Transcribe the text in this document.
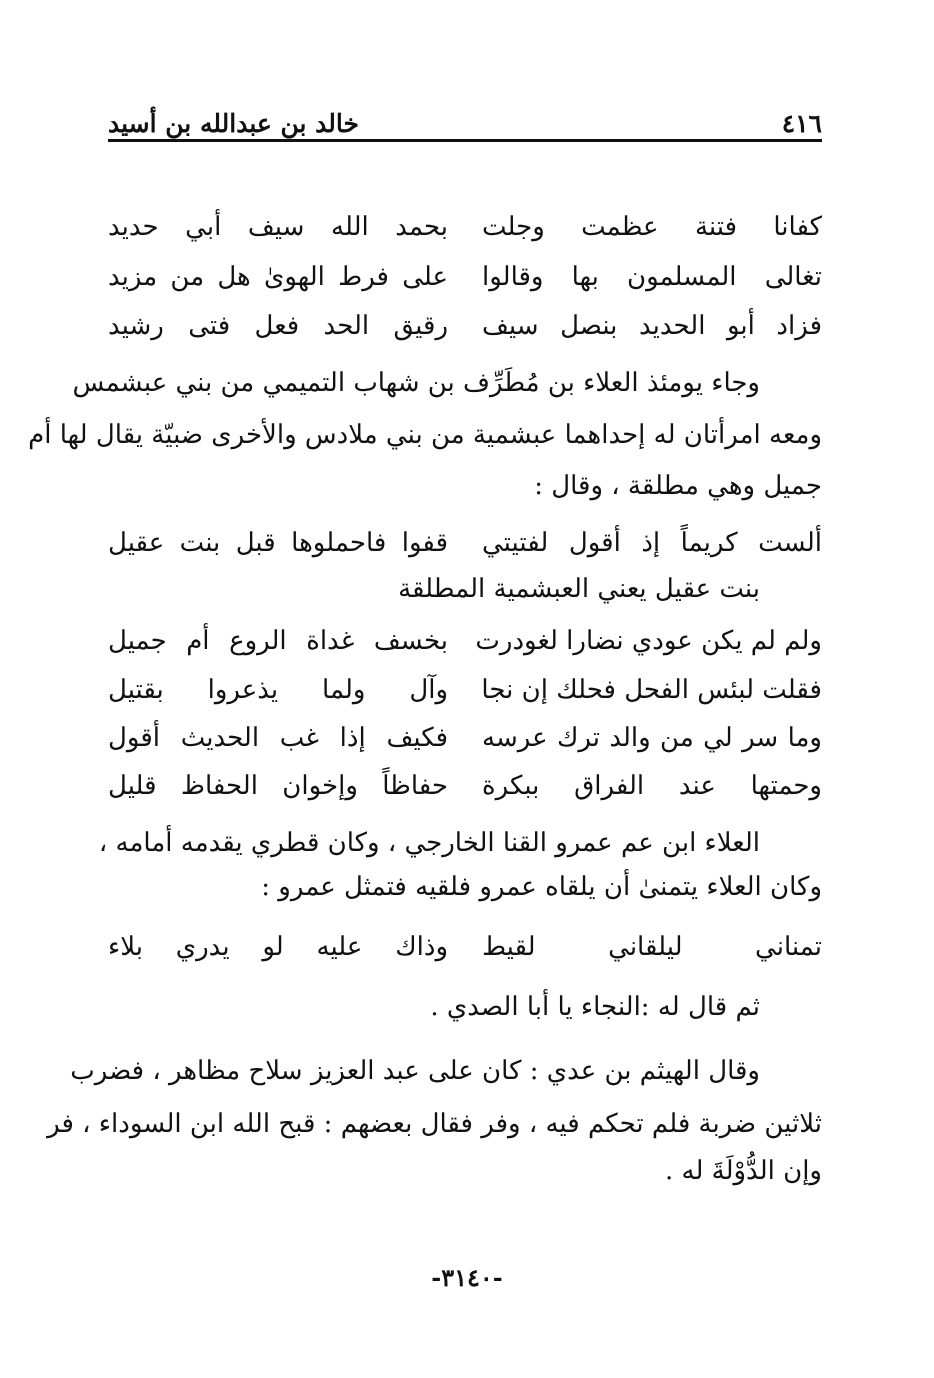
٤١٦
خالد بن عبدالله بن أسيد
كفانا فتنة عظمت وجلت
بحمد الله سيف أبي حديد
تغالى المسلمون بها وقالوا
على فرط الهوىٰ هل من مزيد
فزاد أبو الحديد بنصل سيف
رقيق الحد فعل فتى رشيد
وجاء يومئذ العلاء بن مُطَرِّف بن شهاب التميمي من بني عبشمس
ومعه امرأتان له إحداهما عبشمية من بني ملادس والأخرى ضبيّة يقال لها أم
جميل وهي مطلقة ، وقال :
ألست كريماً إذ أقول لفتيتي
قفوا فاحملوها قبل بنت عقيل
بنت عقيل يعني العبشمية المطلقة
ولم لم يكن عودي نضارا لغودرت
بخسف غداة الروع أم جميل
فقلت لبئس الفحل فحلك إن نجا
وآل ولما يذعروا بقتيل
وما سر لي من والد ترك عرسه
فكيف إذا غب الحديث أقول
وحمتها عند الفراق ببكرة
حفاظاً وإخوان الحفاظ قليل
العلاء ابن عم عمرو القنا الخارجي ، وكان قطري يقدمه أمامه ،
وكان العلاء يتمنىٰ أن يلقاه عمرو فلقيه فتمثل عمرو :
تمناني ليلقاني لقيط
وذاك عليه لو يدري بلاء
ثم قال له :النجاء يا أبا الصدي .
وقال الهيثم بن عدي : كان على عبد العزيز سلاح مظاهر ، فضرب
ثلاثين ضربة فلم تحكم فيه ، وفر فقال بعضهم : قبح الله ابن السوداء ، فر
وإن الدُّوْلَةَ له .
-٣١٤٠-
